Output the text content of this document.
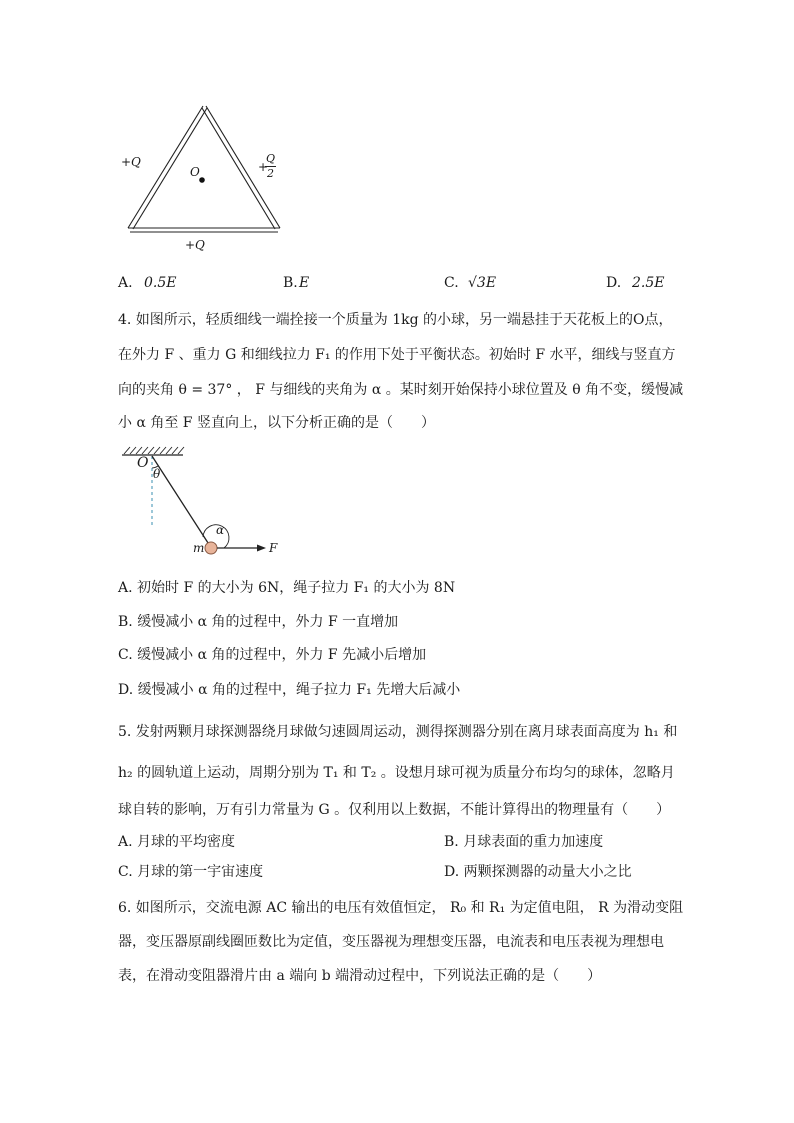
+Q
O	+
Q
2
+Q
A. 0.5E	B. E	C. √3E	D. 2.5E
4. 如图所示，轻质细线一端拴接一个质量为 1kg 的小球，另一端悬挂于天花板上的O点，
在外力 F 、重力 G 和细线拉力 F₁ 的作用下处于平衡状态。初始时 F 水平，细线与竖直方
向的夹角 θ = 37° ， F 与细线的夹角为 α 。某时刻开始保持小球位置及 θ 角不变，缓慢减
小 α 角至 F 竖直向上，以下分析正确的是（　　）
O
θ
α
m	F
A. 初始时 F 的大小为 6N，绳子拉力 F₁ 的大小为 8N
B. 缓慢减小 α 角的过程中，外力 F 一直增加
C. 缓慢减小 α 角的过程中，外力 F 先减小后增加
D. 缓慢减小 α 角的过程中，绳子拉力 F₁ 先增大后减小
5. 发射两颗月球探测器绕月球做匀速圆周运动，测得探测器分别在离月球表面高度为 h₁ 和
h₂ 的圆轨道上运动，周期分别为 T₁ 和 T₂ 。设想月球可视为质量分布均匀的球体，忽略月
球自转的影响，万有引力常量为 G 。仅利用以上数据，不能计算得出的物理量有（　　）
A. 月球的平均密度	B. 月球表面的重力加速度
C. 月球的第一宇宙速度	D. 两颗探测器的动量大小之比
6. 如图所示，交流电源 AC 输出的电压有效值恒定， R₀ 和 R₁ 为定值电阻， R 为滑动变阻
器，变压器原副线圈匝数比为定值，变压器视为理想变压器，电流表和电压表视为理想电
表，在滑动变阻器滑片由 a 端向 b 端滑动过程中，下列说法正确的是（　　）
